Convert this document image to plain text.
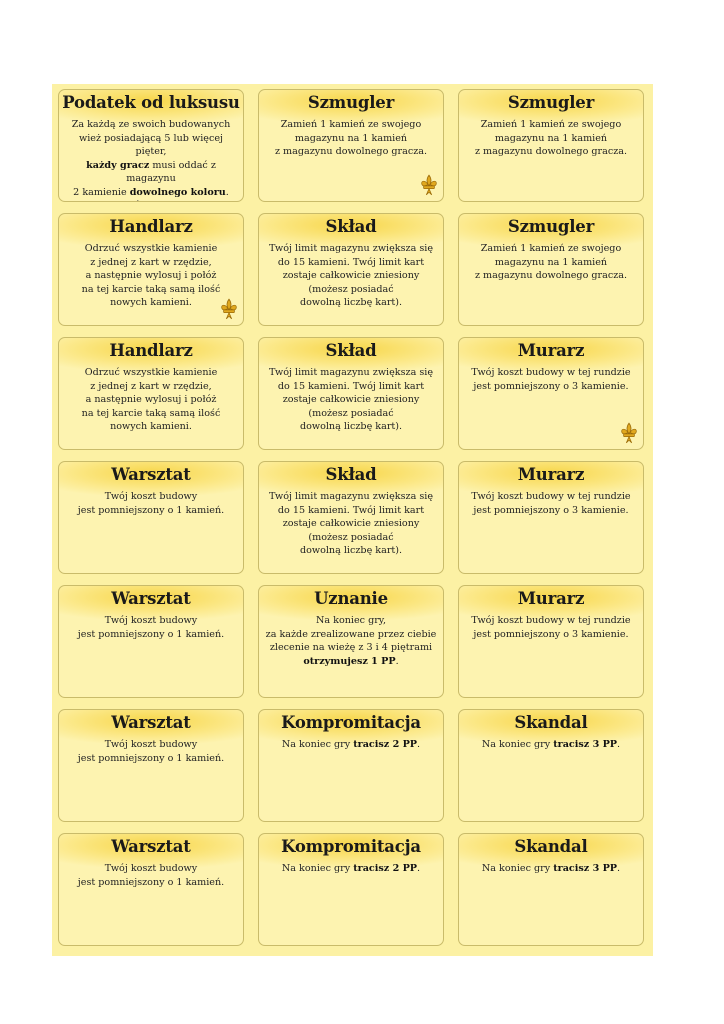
Podatek od luksusu

Za każdą ze swoich budowanych

wież posiadającą 5 lub więcej pięter,

każdy gracz musi oddać z magazynu

2 kamienie dowolnego koloru.

Szmugler

Zamień 1 kamień ze swojego

magazynu na 1 kamień

z magazynu dowolnego gracza.

Szmugler

Zamień 1 kamień ze swojego

magazynu na 1 kamień

z magazynu dowolnego gracza.

Handlarz

Odrzuć wszystkie kamienie

z jednej z kart w rzędzie,

a następnie wylosuj i połóż

na tej karcie taką samą ilość

nowych kamieni.

Skład

Twój limit magazynu zwiększa się

do 15 kamieni. Twój limit kart

zostaje całkowicie zniesiony

(możesz posiadać

dowolną liczbę kart).

Szmugler

Zamień 1 kamień ze swojego

magazynu na 1 kamień

z magazynu dowolnego gracza.

Handlarz

Odrzuć wszystkie kamienie

z jednej z kart w rzędzie,

a następnie wylosuj i połóż

na tej karcie taką samą ilość

nowych kamieni.

Skład

Twój limit magazynu zwiększa się

do 15 kamieni. Twój limit kart

zostaje całkowicie zniesiony

(możesz posiadać

dowolną liczbę kart).

Murarz

Twój koszt budowy w tej rundzie

jest pomniejszony o 3 kamienie.

Warsztat

Twój koszt budowy

jest pomniejszony o 1 kamień.

Skład

Twój limit magazynu zwiększa się

do 15 kamieni. Twój limit kart

zostaje całkowicie zniesiony

(możesz posiadać

dowolną liczbę kart).

Murarz

Twój koszt budowy w tej rundzie

jest pomniejszony o 3 kamienie.

Warsztat

Twój koszt budowy

jest pomniejszony o 1 kamień.

Uznanie

Na koniec gry,

za każde zrealizowane przez ciebie

zlecenie na wieżę z 3 i 4 piętrami

otrzymujesz 1 PP.

Murarz

Twój koszt budowy w tej rundzie

jest pomniejszony o 3 kamienie.

Warsztat

Twój koszt budowy

jest pomniejszony o 1 kamień.

Kompromitacja

Na koniec gry tracisz 2 PP.

Skandal

Na koniec gry tracisz 3 PP.

Warsztat

Twój koszt budowy

jest pomniejszony o 1 kamień.

Kompromitacja

Na koniec gry tracisz 2 PP.

Skandal

Na koniec gry tracisz 3 PP.
